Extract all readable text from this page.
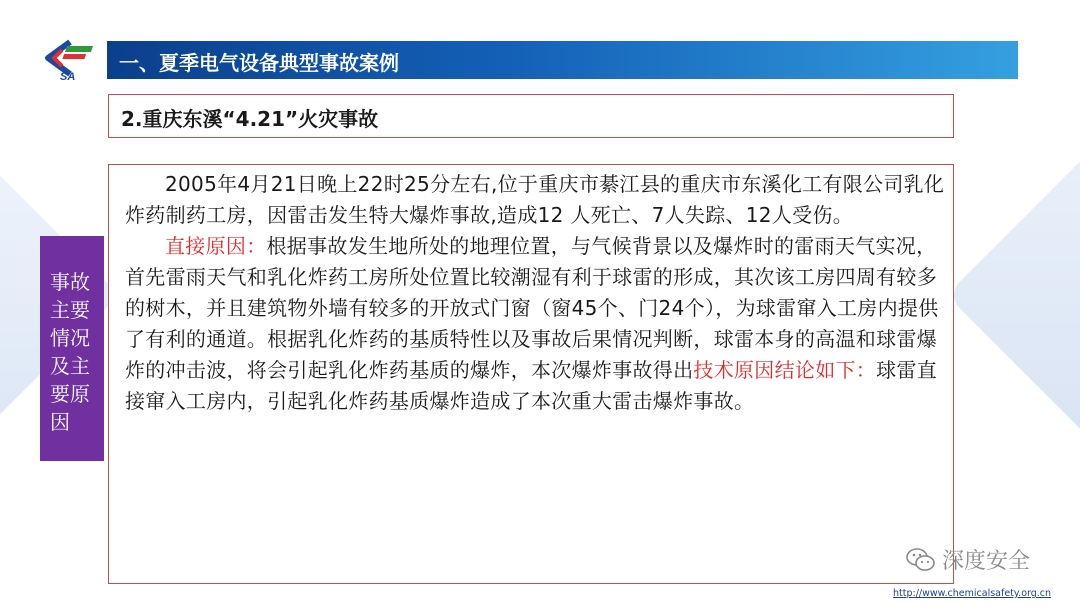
SA
一、夏季电气设备典型事故案例
2.重庆东溪“4.21”火灾事故
事故主要情况及主要原因

2005年4月21日晚上22时25分左右,位于重庆市綦江县的重庆市东溪化工有限公司乳化炸药制药工房，因雷击发生特大爆炸事故,造成12 人死亡、7人失踪、12人受伤。

直接原因：根据事故发生地所处的地理位置，与气候背景以及爆炸时的雷雨天气实况，首先雷雨天气和乳化炸药工房所处位置比较潮湿有利于球雷的形成，其次该工房四周有较多的树木，并且建筑物外墙有较多的开放式门窗（窗45个、门24个），为球雷窜入工房内提供了有利的通道。根据乳化炸药的基质特性以及事故后果情况判断，球雷本身的高温和球雷爆炸的冲击波，将会引起乳化炸药基质的爆炸，本次爆炸事故得出技术原因结论如下：球雷直接窜入工房内，引起乳化炸药基质爆炸造成了本次重大雷击爆炸事故。

深度安全
http://www.chemicalsafety.org.cn
